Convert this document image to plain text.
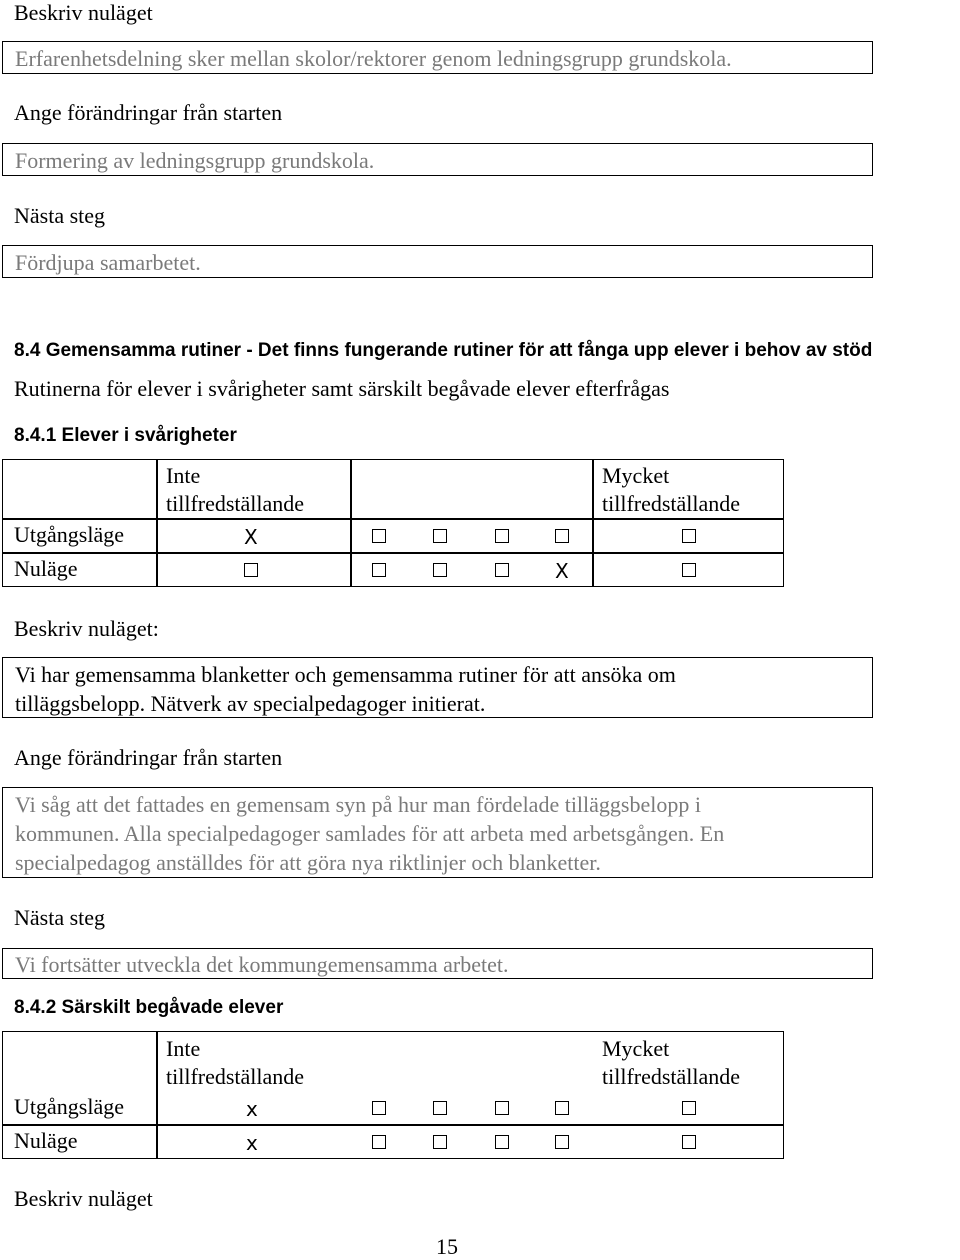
Beskriv nuläget
Erfarenhetsdelning sker mellan skolor/rektorer genom ledningsgrupp grundskola.
Ange förändringar från starten
Formering av ledningsgrupp grundskola.
Nästa steg
Fördjupa samarbetet.
8.4 Gemensamma rutiner - Det finns fungerande rutiner för att fånga upp elever i behov av stöd
Rutinerna för elever i svårigheter samt särskilt begåvade elever efterfrågas
8.4.1 Elever i svårigheter
Inte
tillfredställande
Mycket
tillfredställande
Utgångsläge
Nuläge
X
X
Beskriv nuläget:
Vi har gemensamma blanketter och gemensamma rutiner för att ansöka om
tilläggsbelopp. Nätverk av specialpedagoger initierat.
Ange förändringar från starten
Vi såg att det fattades en gemensam syn på hur man fördelade tilläggsbelopp i
kommunen. Alla specialpedagoger samlades för att arbeta med arbetsgången. En
specialpedagog anställdes för att göra nya riktlinjer och blanketter.
Nästa steg
Vi fortsätter utveckla det kommungemensamma arbetet.
8.4.2 Särskilt begåvade elever
Inte
tillfredställande
Mycket
tillfredställande
Utgångsläge
Nuläge
x
x
Beskriv nuläget
15
